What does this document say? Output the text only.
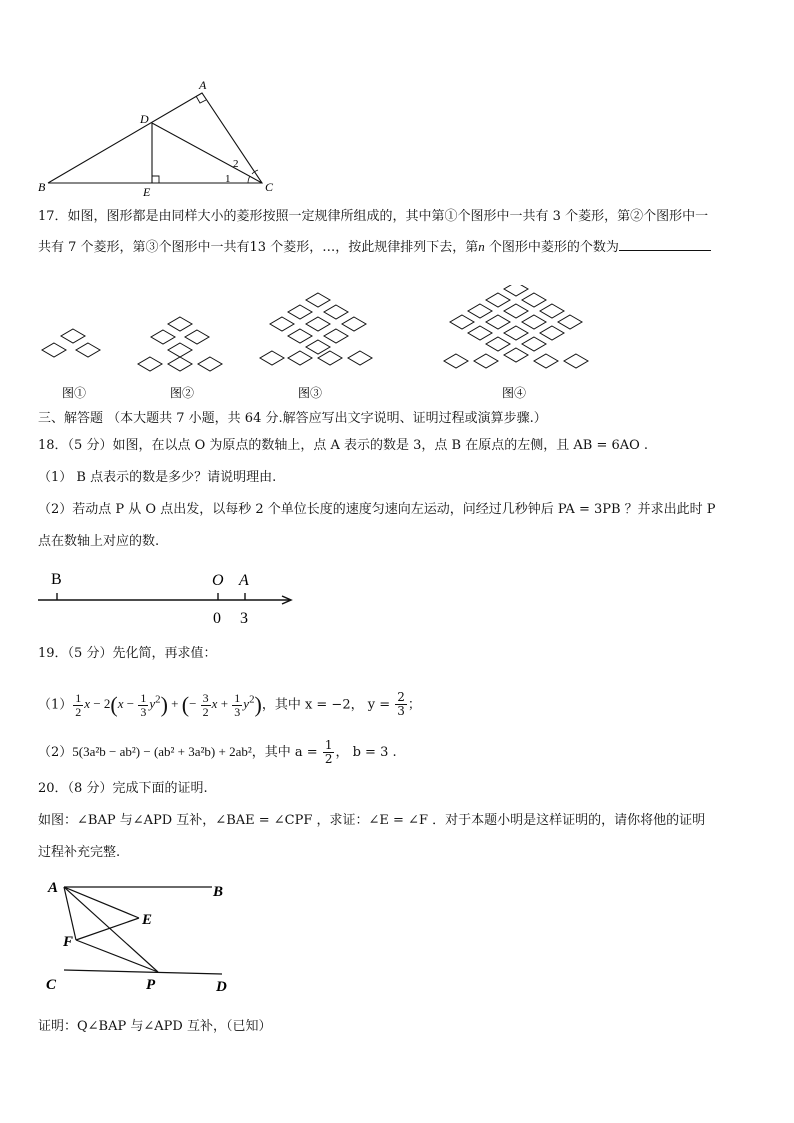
A
D
B	E	C
1
2
17．如图，图形都是由同样大小的菱形按照一定规律所组成的，其中第①个图形中一共有 3 个菱形，第②个图形中一
共有 7 个菱形，第③个图形中一共有13 个菱形，…，按此规律排列下去，第n 个图形中菱形的个数为
图①	图②	图③	图④
三、解答题 （本大题共 7 小题，共 64 分.解答应写出文字说明、证明过程或演算步骤.）
18．（5 分）如图，在以点 O 为原点的数轴上，点 A 表示的数是 3，点 B 在原点的左侧，且 AB = 6AO .
（1） B 点表示的数是多少？请说明理由.
（2）若动点 P 从 O 点出发，以每秒 2 个单位长度的速度匀速向左运动，问经过几秒钟后 PA = 3PB ？并求出此时 P
点在数轴上对应的数.
B	O A
0 3
19．（5 分）先化简，再求值：
$(1) \frac{1}{2}$ $x - 2(x - \frac{1}{3} y^2)$ + (− $\frac{3}{2}$ $x + \frac{1}{3} y^2$)，其中 x = −2， $y = \frac{2}{3}$ ；
（2）5(3a²b − ab²) − (ab² + 3a²b) + 2ab²，其中 $a = \frac{1}{2}$ ， b = 3 .
20．（8 分）完成下面的证明.
如图：∠BAP 与∠APD 互补，∠BAE = ∠CPF ，求证：∠E = ∠F ．对于本题小明是这样证明的，请你将他的证明
过程补充完整.
A	B
E
F
C	P	D
证明：Q∠BAP 与∠APD 互补，（已知）
